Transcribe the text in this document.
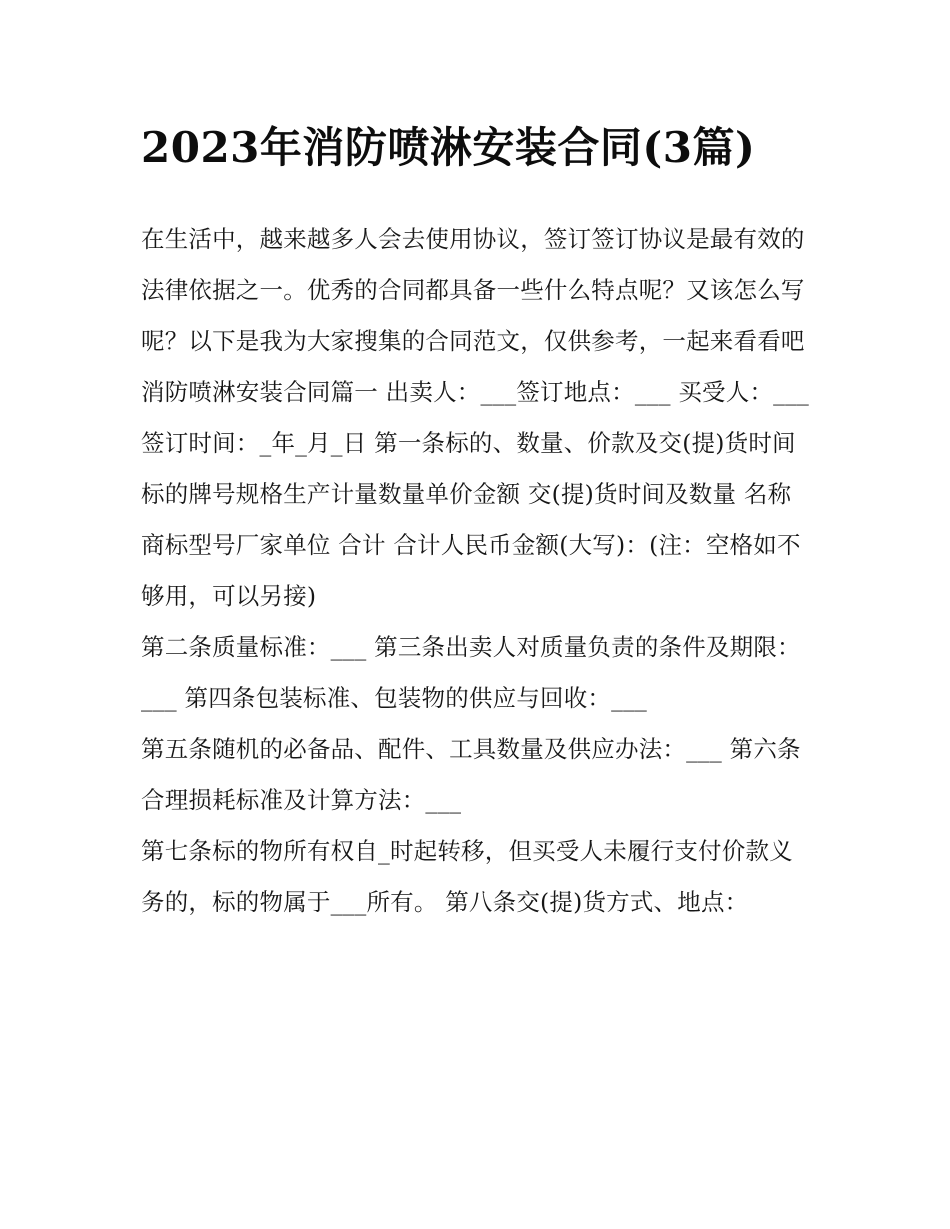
2023年消防喷淋安装合同(3篇)

在生活中，越来越多人会去使用协议，签订签订协议是最有效的法律依据之一。优秀的合同都具备一些什么特点呢？又该怎么写呢？以下是我为大家搜集的合同范文，仅供参考，一起来看看吧

消防喷淋安装合同篇一 出卖人：___签订地点：___ 买受人：___签订时间：_年_月_日 第一条标的、数量、价款及交(提)货时间

标的牌号规格生产计量数量单价金额 交(提)货时间及数量 名称商标型号厂家单位 合计 合计人民币金额(大写)：(注：空格如不够用，可以另接)

第二条质量标准：___ 第三条出卖人对质量负责的条件及期限：___ 第四条包装标准、包装物的供应与回收：___

第五条随机的必备品、配件、工具数量及供应办法：___ 第六条合理损耗标准及计算方法：___

第七条标的物所有权自_时起转移，但买受人未履行支付价款义务的，标的物属于___所有。 第八条交(提)货方式、地点：
